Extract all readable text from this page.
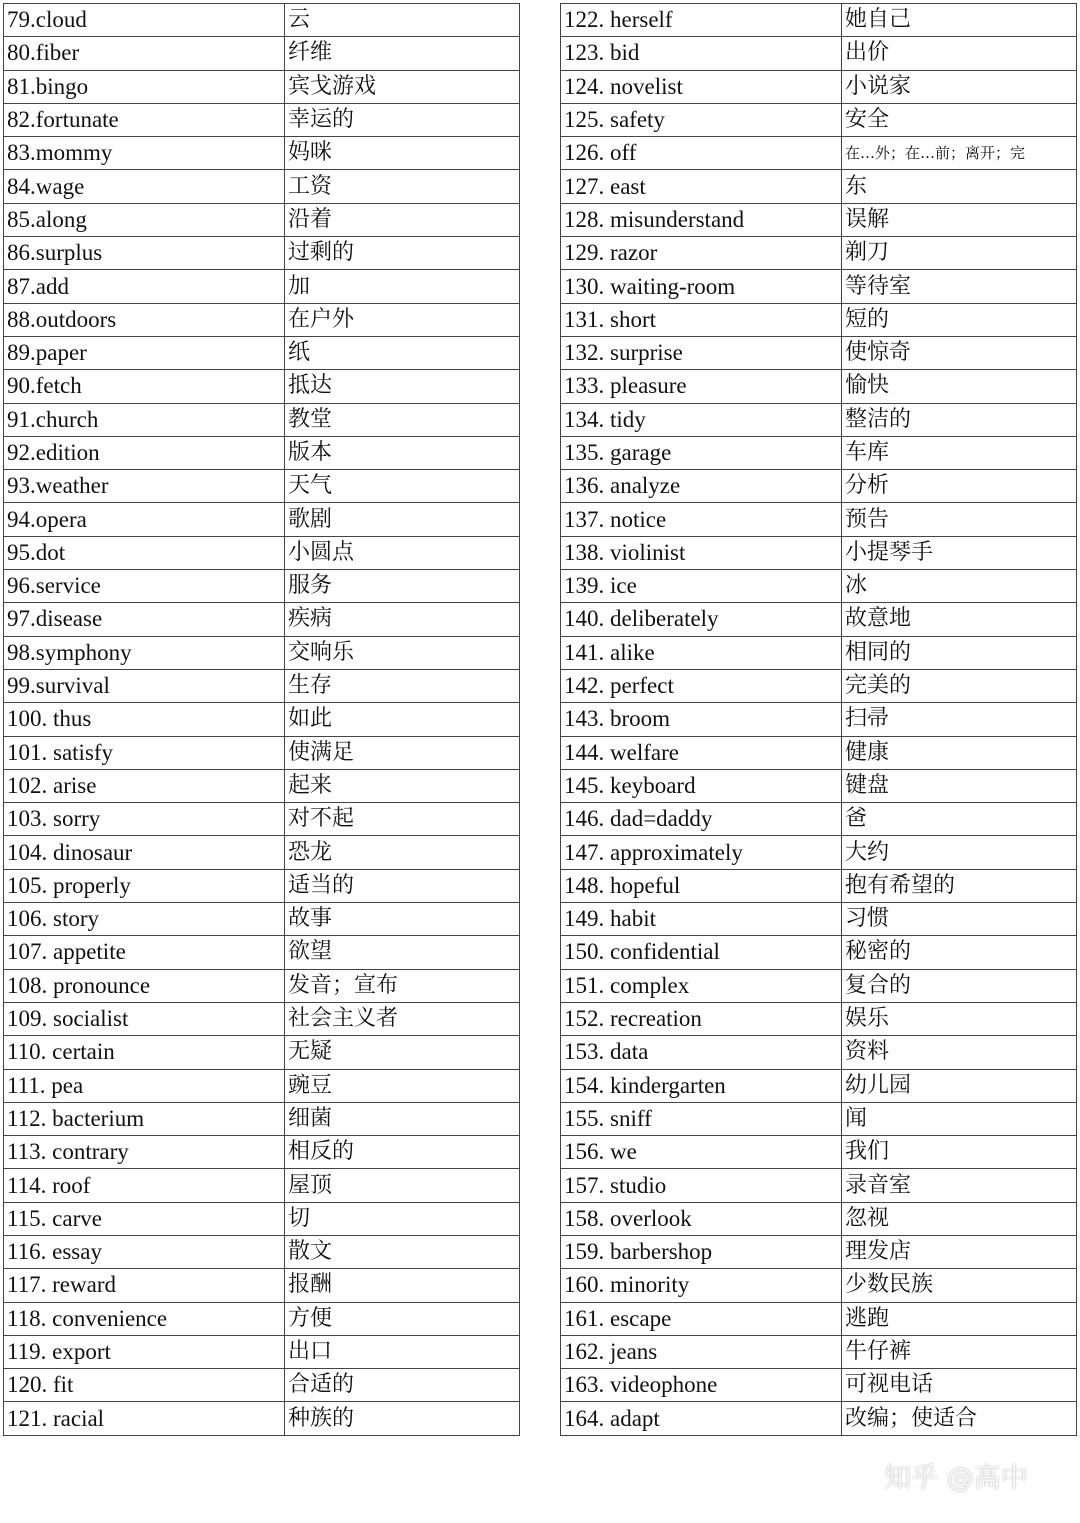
79.cloud	云
80.fiber	纤维
81.bingo	宾戈游戏
82.fortunate	幸运的
83.mommy	妈咪
84.wage	工资
85.along	沿着
86.surplus	过剩的
87.add	加
88.outdoors	在户外
89.paper	纸
90.fetch	抵达
91.church	教堂
92.edition	版本
93.weather	天气
94.opera	歌剧
95.dot	小圆点
96.service	服务
97.disease	疾病
98.symphony	交响乐
99.survival	生存
100. thus	如此
101. satisfy	使满足
102. arise	起来
103. sorry	对不起
104. dinosaur	恐龙
105. properly	适当的
106. story	故事
107. appetite	欲望
108. pronounce	发音；宣布
109. socialist	社会主义者
110. certain	无疑
111. pea	豌豆
112. bacterium	细菌
113. contrary	相反的
114. roof	屋顶
115. carve	切
116. essay	散文
117. reward	报酬
118. convenience	方便
119. export	出口
120. fit	合适的
121. racial	种族的
122. herself	她自己
123. bid	出价
124. novelist	小说家
125. safety	安全
126. off	在…外；在…前；离开；完
127. east	东
128. misunderstand	误解
129. razor	剃刀
130. waiting-room	等待室
131. short	短的
132. surprise	使惊奇
133. pleasure	愉快
134. tidy	整洁的
135. garage	车库
136. analyze	分析
137. notice	预告
138. violinist	小提琴手
139. ice	冰
140. deliberately	故意地
141. alike	相同的
142. perfect	完美的
143. broom	扫帚
144. welfare	健康
145. keyboard	键盘
146. dad=daddy	爸
147. approximately	大约
148. hopeful	抱有希望的
149. habit	习惯
150. confidential	秘密的
151. complex	复合的
152. recreation	娱乐
153. data	资料
154. kindergarten	幼儿园
155. sniff	闻
156. we	我们
157. studio	录音室
158. overlook	忽视
159. barbershop	理发店
160. minority	少数民族
161. escape	逃跑
162. jeans	牛仔裤
163. videophone	可视电话
164. adapt	改编；使适合
知乎 @高中
